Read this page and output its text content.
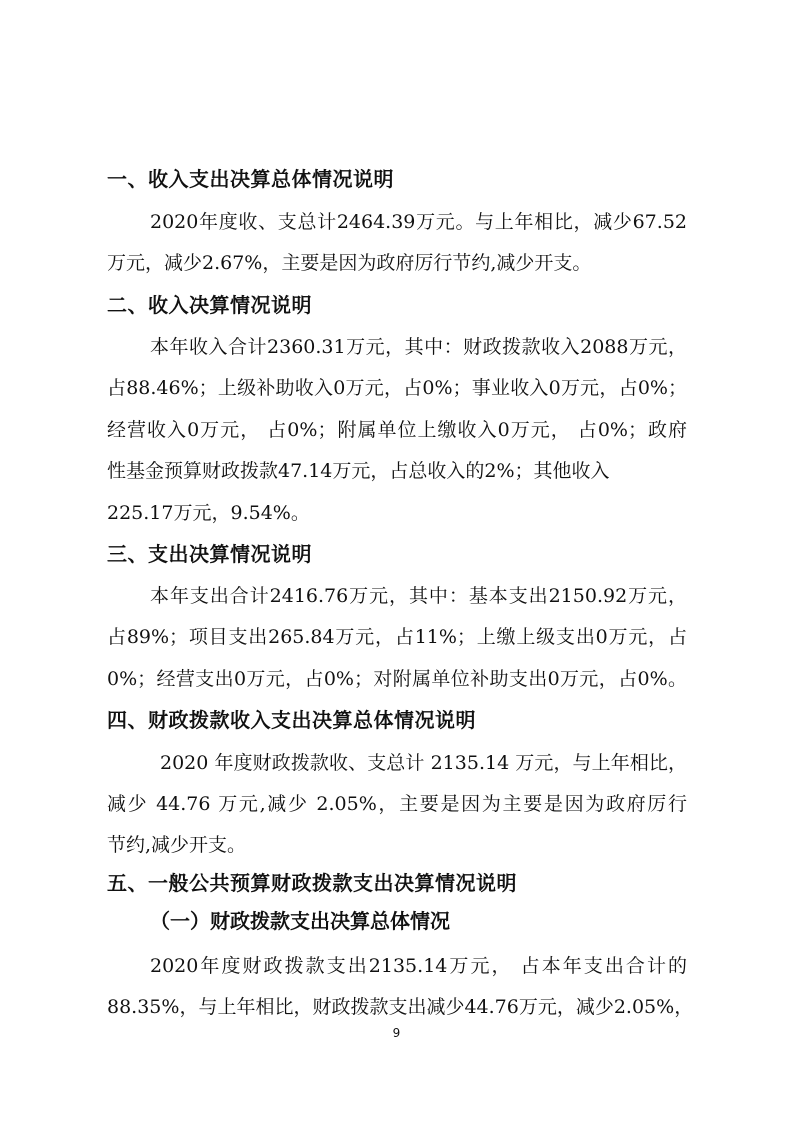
一、收入支出决算总体情况说明
2020年度收、支总计2464.39万元。与上年相比，减少67.52
万元，减少2.67%，主要是因为政府厉行节约,减少开支。
二、收入决算情况说明
本年收入合计2360.31万元，其中：财政拨款收入2088万元，
占88.46%；上级补助收入0万元，占0%；事业收入0万元，占0%；
经营收入0万元， 占0%；附属单位上缴收入0万元， 占0%；政府
性基金预算财政拨款47.14万元，占总收入的2%；其他收入
225.17万元，9.54%。
三、支出决算情况说明
本年支出合计2416.76万元，其中：基本支出2150.92万元，
占89%；项目支出265.84万元，占11%；上缴上级支出0万元，占
0%；经营支出0万元，占0%；对附属单位补助支出0万元，占0%。
四、财政拨款收入支出决算总体情况说明
2020 年度财政拨款收、支总计 2135.14 万元，与上年相比，
减少 44.76 万元,减少 2.05%，主要是因为主要是因为政府厉行
节约,减少开支。
五、一般公共预算财政拨款支出决算情况说明
（一）财政拨款支出决算总体情况
2020年度财政拨款支出2135.14万元， 占本年支出合计的
88.35%，与上年相比，财政拨款支出减少44.76万元，减少2.05%，
9
